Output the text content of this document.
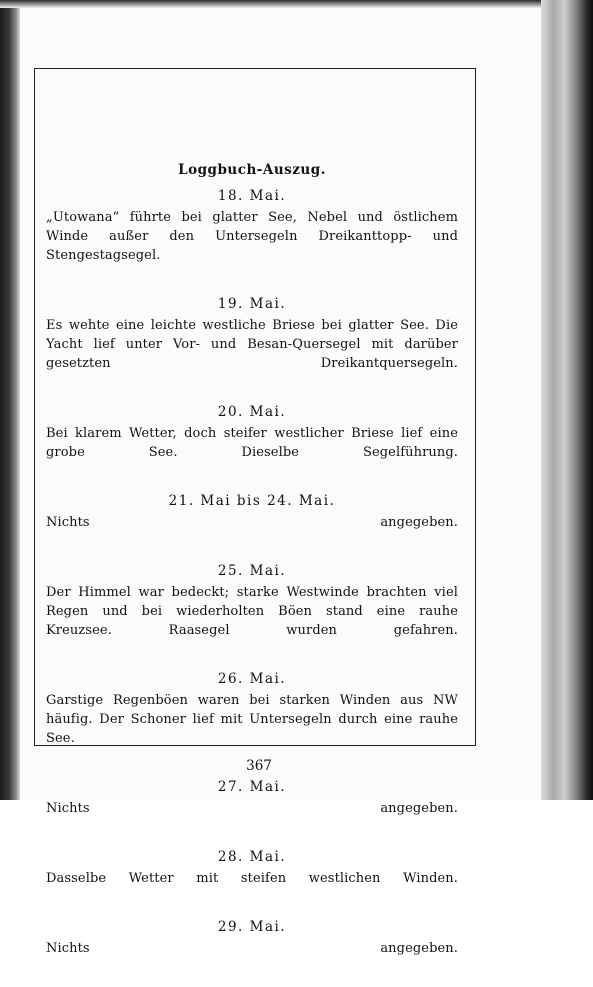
Loggbuch-Auszug.
18. Mai.

„Utowana“ führte bei glatter See, Nebel und östlichem Winde außer den Untersegeln Dreikanttopp- und Stengestagsegel.

19. Mai.

Es wehte eine leichte westliche Briese bei glatter See. Die Yacht lief unter Vor- und Besan-Quersegel mit darüber gesetzten Dreikantquersegeln.

20. Mai.

Bei klarem Wetter, doch steifer westlicher Briese lief eine grobe See. Dieselbe Segelführung.

21. Mai bis 24. Mai.

Nichts angegeben.

25. Mai.

Der Himmel war bedeckt; starke Westwinde brachten viel Regen und bei wiederholten Böen stand eine rauhe Kreuzsee. Raasegel wurden gefahren.

26. Mai.

Garstige Regenböen waren bei starken Winden aus NW häufig. Der Schoner lief mit Untersegeln durch eine rauhe See.

27. Mai.

Nichts angegeben.

28. Mai.

Dasselbe Wetter mit steifen westlichen Winden.

29. Mai.

Nichts angegeben.

367
